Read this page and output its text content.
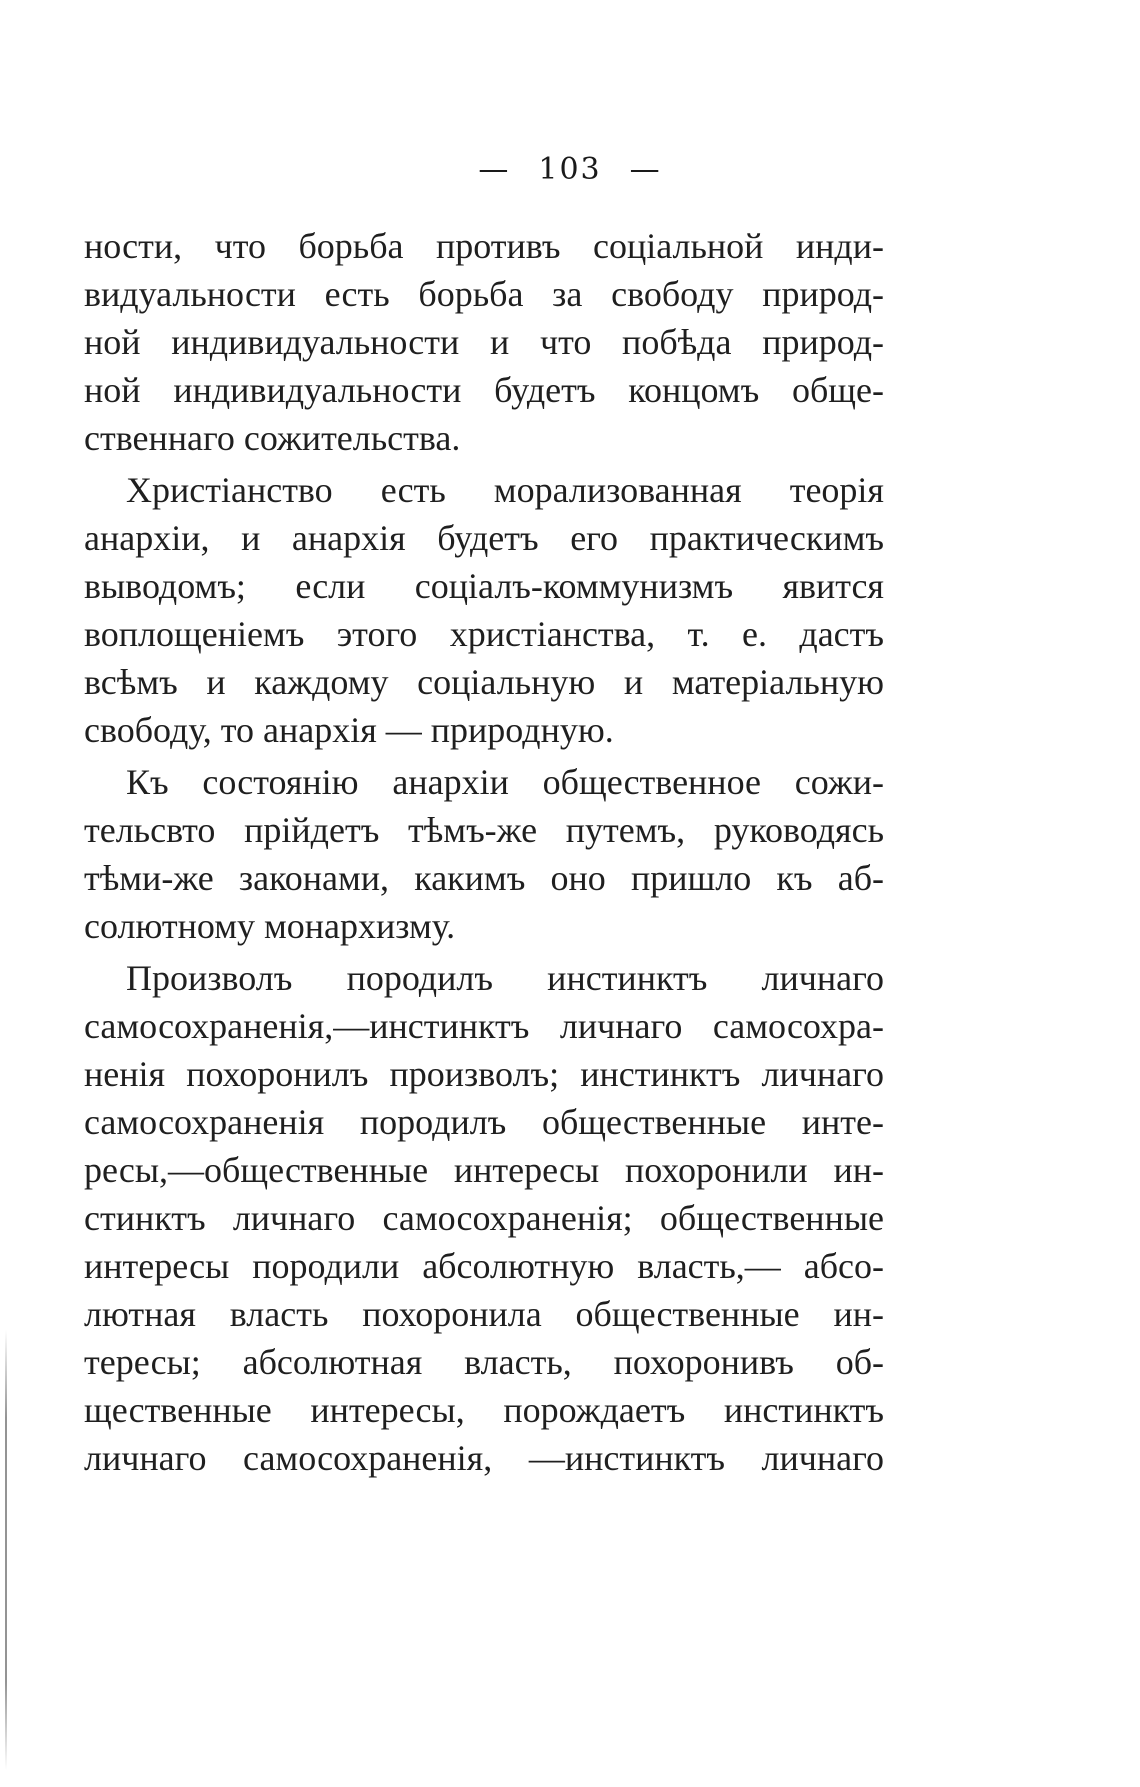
— 103 —
ности, что борьба противъ соціальной инди-
видуальности есть борьба за свободу природ-
ной индивидуальности и что побѣда природ-
ной индивидуальности будетъ концомъ обще-
ственнаго сожительства.
Христіанство есть морализованная теорія
анархіи, и анархія будетъ его практическимъ
выводомъ; если соціалъ-коммунизмъ явится
воплощеніемъ этого христіанства, т. е. дастъ
всѣмъ и каждому соціальную и матеріальную
свободу, то анархія — природную.
Къ состоянію анархіи общественное сожи-
тельсвто прійдетъ тѣмъ-же путемъ, руководясь
тѣми-же законами, какимъ оно пришло къ аб-
солютному монархизму.
Произволъ породилъ инстинктъ личнаго
самосохраненія,—инстинктъ личнаго самосохра-
ненія похоронилъ произволъ; инстинктъ личнаго
самосохраненія породилъ общественные инте-
ресы,—общественные интересы похоронили ин-
стинктъ личнаго самосохраненія; общественные
интересы породили абсолютную власть,— абсо-
лютная власть похоронила общественные ин-
тересы; абсолютная власть, похоронивъ об-
щественные интересы, порождаетъ инстинктъ
личнаго самосохраненія, —инстинктъ личнаго
